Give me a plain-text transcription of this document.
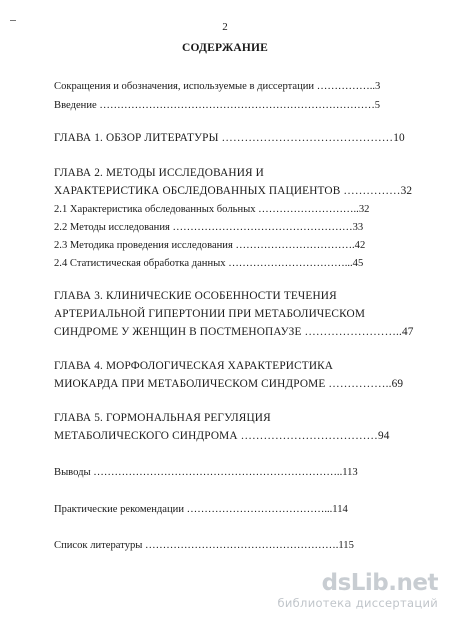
2
СОДЕРЖАНИЕ
Сокращения и обозначения, используемые в диссертации ……………..3
Введение ……………………………………………………………………5
ГЛАВА 1. ОБЗОР ЛИТЕРАТУРЫ ………………………………………10
ГЛАВА 2. МЕТОДЫ ИССЛЕДОВАНИЯ И
ХАРАКТЕРИСТИКА ОБСЛЕДОВАННЫХ ПАЦИЕНТОВ ……………32
2.1 Характеристика обследованных больных ………………………..32
2.2 Методы исследования ……………………………………………33
2.3 Методика проведения исследования …………………………….42
2.4 Статистическая обработка данных ……………………………...45
ГЛАВА 3. КЛИНИЧЕСКИЕ ОСОБЕННОСТИ ТЕЧЕНИЯ
АРТЕРИАЛЬНОЙ ГИПЕРТОНИИ ПРИ МЕТАБОЛИЧЕСКОМ
СИНДРОМЕ У ЖЕНЩИН В ПОСТМЕНОПАУЗЕ ……………………..47
ГЛАВА 4. МОРФОЛОГИЧЕСКАЯ ХАРАКТЕРИСТИКА
МИОКАРДА ПРИ МЕТАБОЛИЧЕСКОМ СИНДРОМЕ ……………..69
ГЛАВА 5. ГОРМОНАЛЬНАЯ РЕГУЛЯЦИЯ
МЕТАБОЛИЧЕСКОГО СИНДРОМА ………………………………94
Выводы ……………………………………………………………..113
Практические рекомендации …………………………………...114
Список литературы ……………………………………………….115
dsLib.net
библиотека диссертаций
